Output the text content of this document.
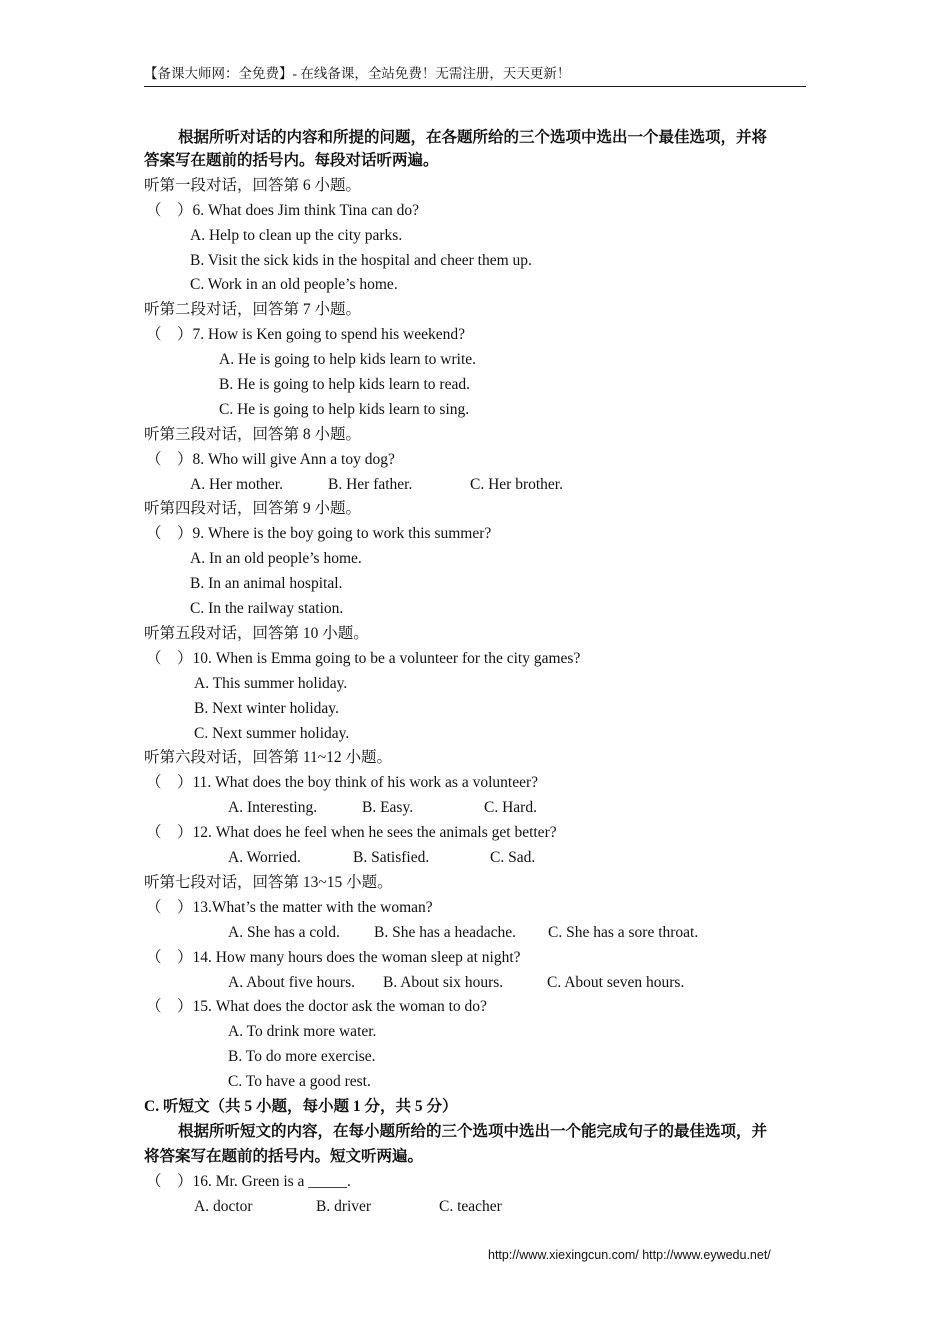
【备课大师网：全免费】- 在线备课，全站免费！无需注册，天天更新！
根据所听对话的内容和所提的问题，在各题所给的三个选项中选出一个最佳选项，并将
答案写在题前的括号内。每段对话听两遍。
听第一段对话，回答第 6 小题。
（    ）6. What does Jim think Tina can do?
A. Help to clean up the city parks.
B. Visit the sick kids in the hospital and cheer them up.
C. Work in an old people’s home.
听第二段对话，回答第 7 小题。
（    ）7. How is Ken going to spend his weekend?
A. He is going to help kids learn to write.
B. He is going to help kids learn to read.
C. He is going to help kids learn to sing.
听第三段对话，回答第 8 小题。
（    ）8. Who will give Ann a toy dog?
A. Her mother.	B. Her father.	C. Her brother.
听第四段对话，回答第 9 小题。
（    ）9. Where is the boy going to work this summer?
A. In an old people’s home.
B. In an animal hospital.
C. In the railway station.
听第五段对话，回答第 10 小题。
（    ）10. When is Emma going to be a volunteer for the city games?
A. This summer holiday.
B. Next winter holiday.
C. Next summer holiday.
听第六段对话，回答第 11~12 小题。
（    ）11. What does the boy think of his work as a volunteer?
A. Interesting.	B. Easy.	C. Hard.
（    ）12. What does he feel when he sees the animals get better?
A. Worried.	B. Satisfied.	C. Sad.
听第七段对话，回答第 13~15 小题。
（    ）13.What’s the matter with the woman?
A. She has a cold. B. She has a headache. C. She has a sore throat.
（    ）14. How many hours does the woman sleep at night?
A. About five hours. B. About six hours.	C. About seven hours.
（    ）15. What does the doctor ask the woman to do?
A. To drink more water.
B. To do more exercise.
C. To have a good rest.
C. 听短文（共 5 小题，每小题 1 分，共 5 分）
根据所听短文的内容，在每小题所给的三个选项中选出一个能完成句子的最佳选项，并
将答案写在题前的括号内。短文听两遍。
（    ）16. Mr. Green is a _____.
A. doctor	B. driver	C. teacher
http://www.xiexingcun.com/ http://www.eywedu.net/
